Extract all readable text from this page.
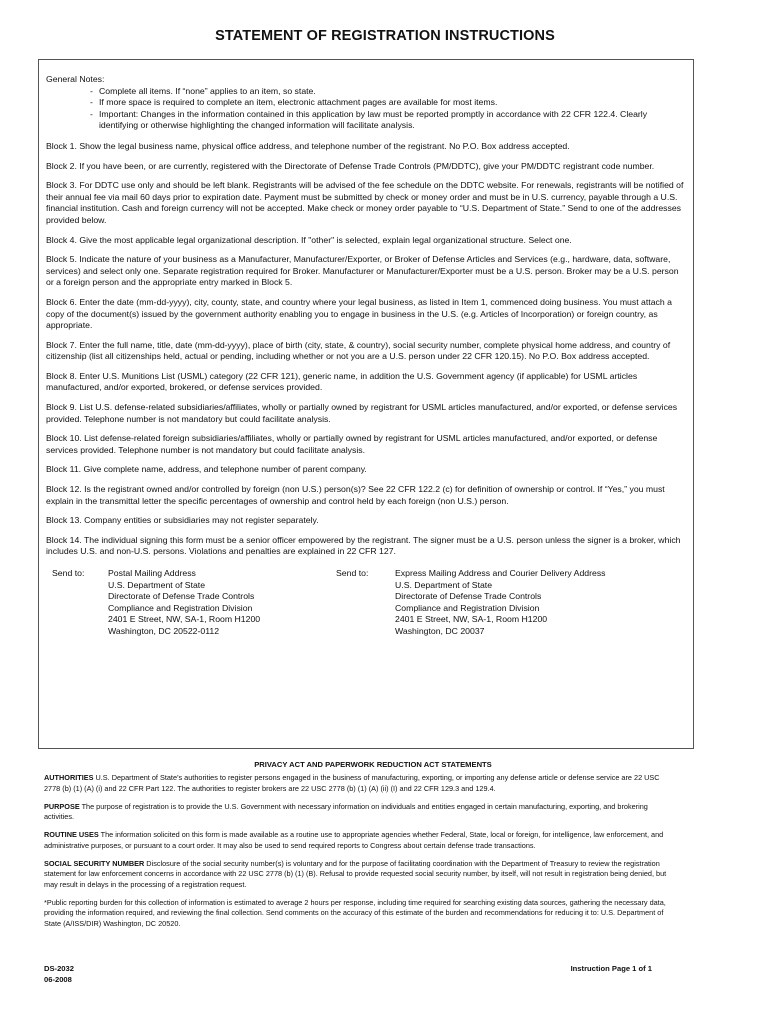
STATEMENT OF REGISTRATION INSTRUCTIONS

General Notes:

- Complete all items. If “none” applies to an item, so state.
- If more space is required to complete an item, electronic attachment pages are available for most items.
- Important: Changes in the information contained in this application by law must be reported promptly in accordance with 22 CFR 122.4. Clearly identifying or otherwise highlighting the changed information will facilitate analysis.

Block 1. Show the legal business name, physical office address, and telephone number of the registrant. No P.O. Box address accepted.

Block 2. If you have been, or are currently, registered with the Directorate of Defense Trade Controls (PM/DDTC), give your PM/DDTC registrant code number.

Block 3. For DDTC use only and should be left blank. Registrants will be advised of the fee schedule on the DDTC website. For renewals, registrants will be notified of their annual fee via mail 60 days prior to expiration date. Payment must be submitted by check or money order and must be in U.S. currency, payable through a U.S. financial institution. Cash and foreign currency will not be accepted. Make check or money order payable to “U.S. Department of State.” Send to one of the addresses provided below.

Block 4. Give the most applicable legal organizational description. If "other" is selected, explain legal organizational structure. Select one.

Block 5. Indicate the nature of your business as a Manufacturer, Manufacturer/Exporter, or Broker of Defense Articles and Services (e.g., hardware, data, software, services) and select only one. Separate registration required for Broker. Manufacturer or Manufacturer/Exporter must be a U.S. person. Broker may be a U.S. person or a foreign person and the appropriate entry marked in Block 5.

Block 6. Enter the date (mm-dd-yyyy), city, county, state, and country where your legal business, as listed in Item 1, commenced doing business. You must attach a copy of the document(s) issued by the government authority enabling you to engage in business in the U.S. (e.g. Articles of Incorporation) or foreign country, as appropriate.

Block 7. Enter the full name, title, date (mm-dd-yyyy), place of birth (city, state, & country), social security number, complete physical home address, and country of citizenship (list all citizenships held, actual or pending, including whether or not you are a U.S. person under 22 CFR 120.15). No P.O. Box address accepted.

Block 8. Enter U.S. Munitions List (USML) category (22 CFR 121), generic name, in addition the U.S. Government agency (if applicable) for USML articles manufactured, and/or exported, brokered, or defense services provided.

Block 9. List U.S. defense-related subsidiaries/affiliates, wholly or partially owned by registrant for USML articles manufactured, and/or exported, or defense services provided. Telephone number is not mandatory but could facilitate analysis.

Block 10. List defense-related foreign subsidiaries/affiliates, wholly or partially owned by registrant for USML articles manufactured, and/or exported, or defense services provided. Telephone number is not mandatory but could facilitate analysis.

Block 11. Give complete name, address, and telephone number of parent company.

Block 12. Is the registrant owned and/or controlled by foreign (non U.S.) person(s)? See 22 CFR 122.2 (c) for definition of ownership or control. If “Yes,” you must explain in the transmittal letter the specific percentages of ownership and control held by each foreign (non U.S.) person.

Block 13. Company entities or subsidiaries may not register separately.

Block 14. The individual signing this form must be a senior officer empowered by the registrant. The signer must be a U.S. person unless the signer is a broker, which includes U.S. and non-U.S. persons. Violations and penalties are explained in 22 CFR 127.

Send to:	Postal Mailing Address
U.S. Department of State
Directorate of Defense Trade Controls
Compliance and Registration Division
2401 E Street, NW, SA-1, Room H1200
Washington, DC 20522-0112
Send to:	Express Mailing Address and Courier Delivery Address
U.S. Department of State
Directorate of Defense Trade Controls
Compliance and Registration Division
2401 E Street, NW, SA-1, Room H1200
Washington, DC 20037
PRIVACY ACT AND PAPERWORK REDUCTION ACT STATEMENTS

AUTHORITIES U.S. Department of State’s authorities to register persons engaged in the business of manufacturing, exporting, or importing any defense article or defense service are 22 USC 2778 (b) (1) (A) (i) and 22 CFR Part 122. The authorities to register brokers are 22 USC 2778 (b) (1) (A) (ii) (I) and 22 CFR 129.3 and 129.4.

PURPOSE The purpose of registration is to provide the U.S. Government with necessary information on individuals and entities engaged in certain manufacturing, exporting, and brokering activities.

ROUTINE USES The information solicited on this form is made available as a routine use to appropriate agencies whether Federal, State, local or foreign, for intelligence, law enforcement, and administrative purposes, or pursuant to a court order. It may also be used to send required reports to Congress about certain defense trade transactions.

SOCIAL SECURITY NUMBER Disclosure of the social security number(s) is voluntary and for the purpose of facilitating coordination with the Department of Treasury to review the registration statement for law enforcement concerns in accordance with 22 USC 2778 (b) (1) (B). Refusal to provide requested social security number, by itself, will not result in registration being denied, but may result in delays in the processing of a registration request.

*Public reporting burden for this collection of information is estimated to average 2 hours per response, including time required for searching existing data sources, gathering the necessary data, providing the information required, and reviewing the final collection. Send comments on the accuracy of this estimate of the burden and recommendations for reducing it to: U.S. Department of State (A/ISS/DIR) Washington, DC 20520.

DS-2032
06-2008
Instruction Page 1 of 1
